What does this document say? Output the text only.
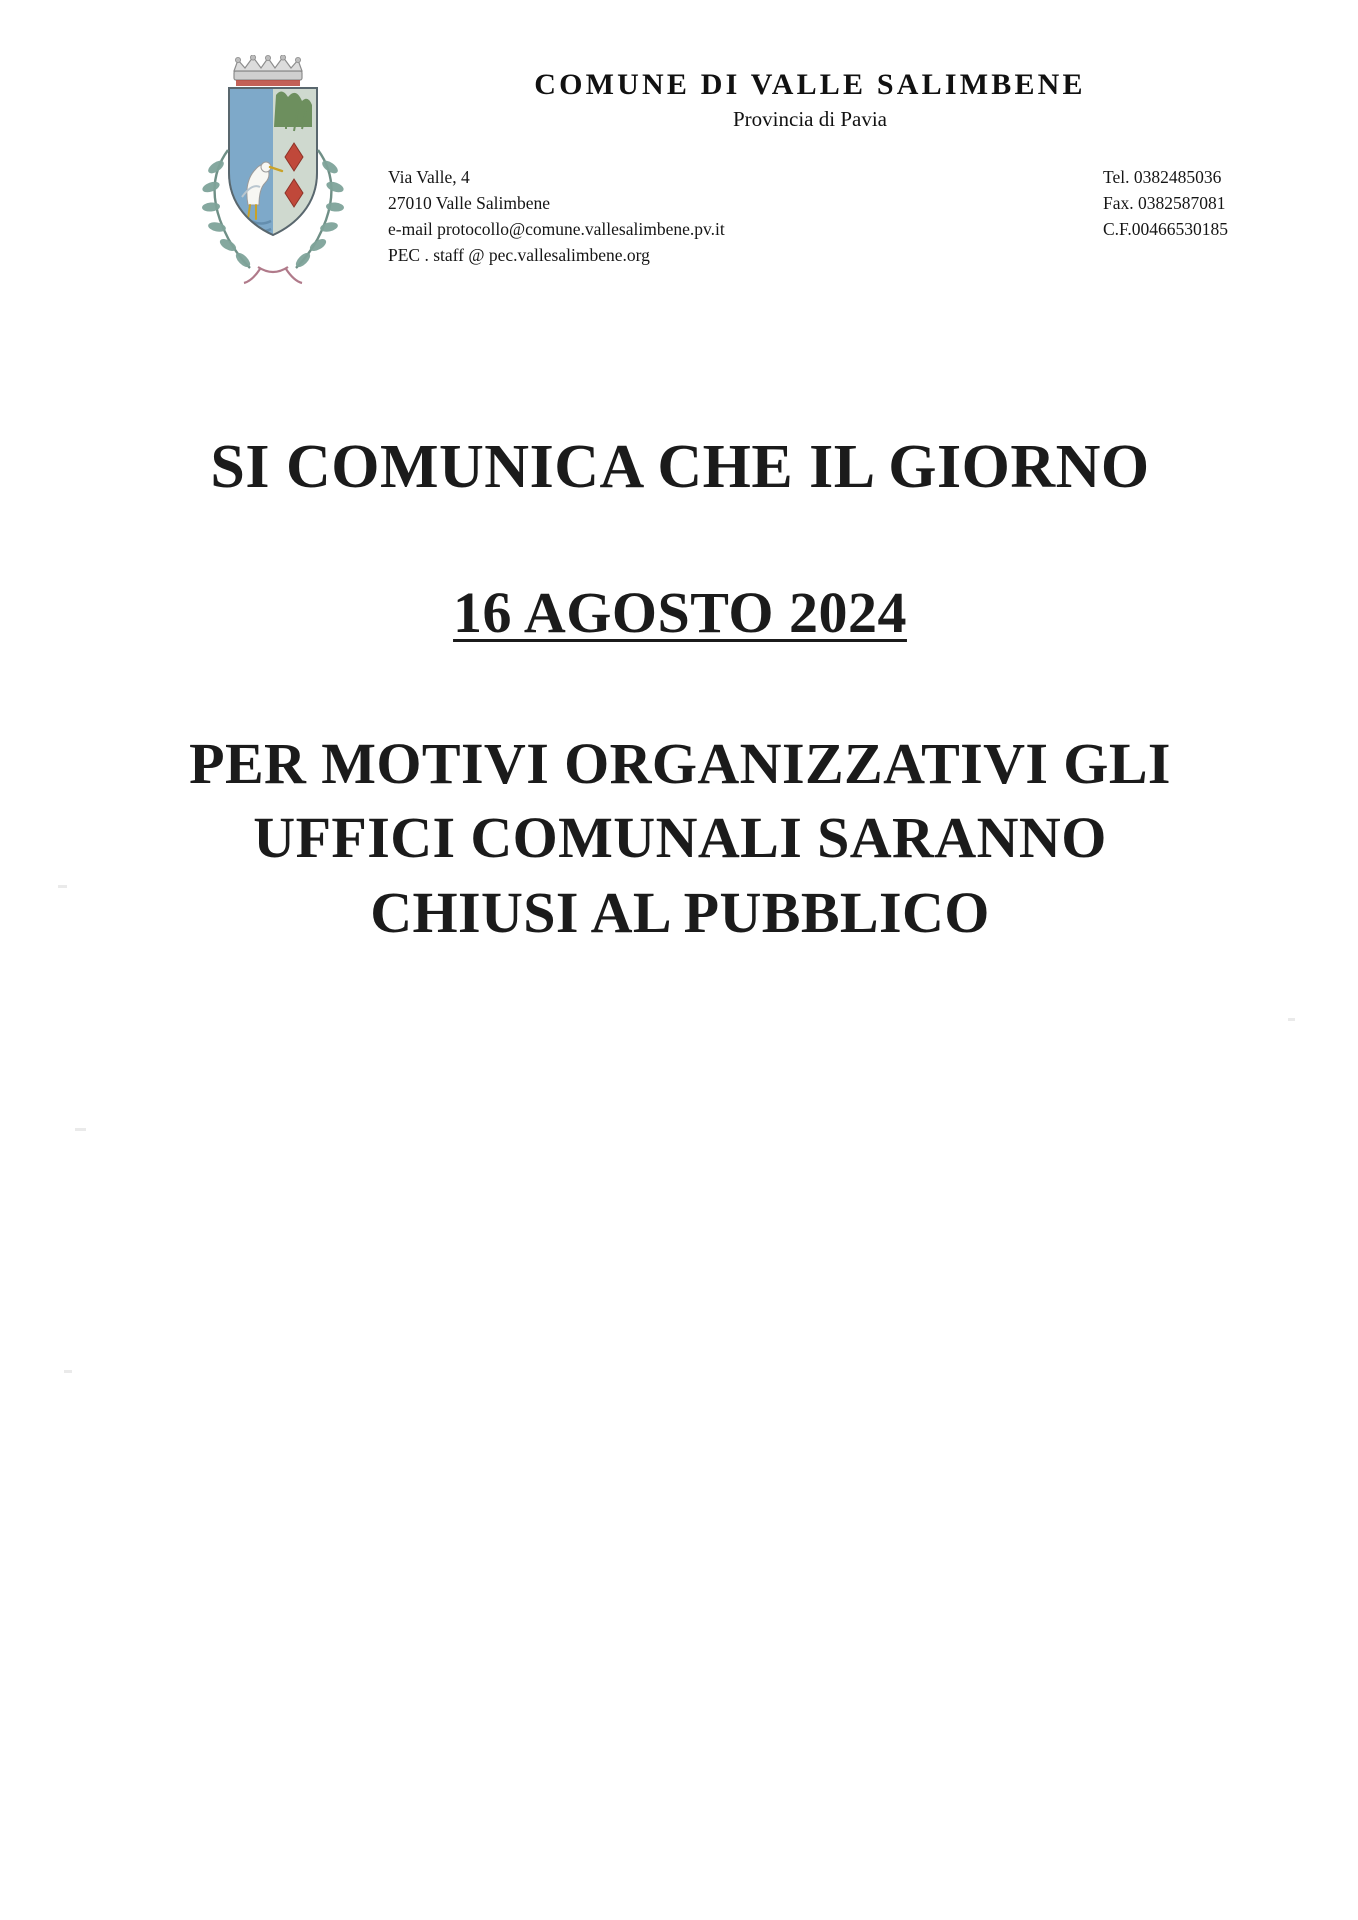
COMUNE DI VALLE SALIMBENE
Provincia di Pavia
Via Valle, 4
27010 Valle Salimbene
e-mail protocollo@comune.vallesalimbene.pv.it
PEC . staff @ pec.vallesalimbene.org
Tel. 0382485036
Fax. 0382587081
C.F.00466530185

SI COMUNICA CHE IL GIORNO

16 AGOSTO 2024

PER MOTIVI ORGANIZZATIVI GLI UFFICI COMUNALI SARANNO CHIUSI AL PUBBLICO
